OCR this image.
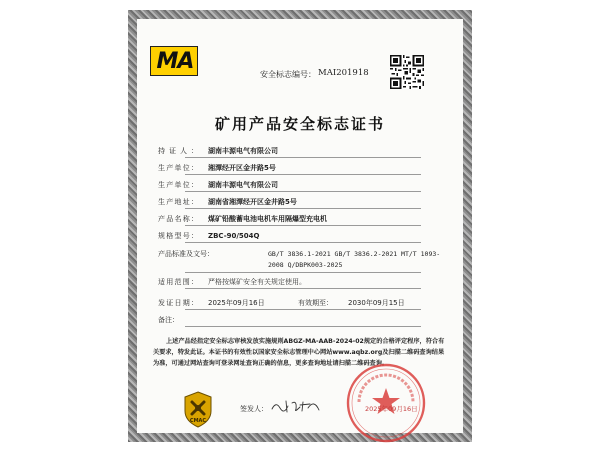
MA
安全标志编号： MAI201918
矿用产品安全标志证书
持证人： 湖南丰源电气有限公司
生产单位： 湘潭经开区金井路5号
生产单位： 湖南丰源电气有限公司
生产地址： 湖南省湘潭经开区金井路5号
产品名称： 煤矿铅酸蓄电池电机车用隔爆型充电机
规格型号： ZBC-90/504Q
产品标准及文号：	GB/T 3836.1-2021 GB/T 3836.2-2021 MT/T 1093-
2008 Q/DBPK003-2025
适用范围： 严格按煤矿安全有关规定使用。
发证日期： 2025年09月16日	有效期至： 2030年09月15日
备注：
上述产品经指定安全标志审核发放实施规则ABGZ-MA-AAB-2024-02规定的合格评定程序，符合有关要求，特发此证。本证书的有效性以国家安全标志管理中心网站www.aqbz.org及扫描二维码查询结果为准，可通过网站查询可登录网址查询正确的信息，更多查询地址请扫描二维码查询。
CMAC
签发人：	2025年09月16日
